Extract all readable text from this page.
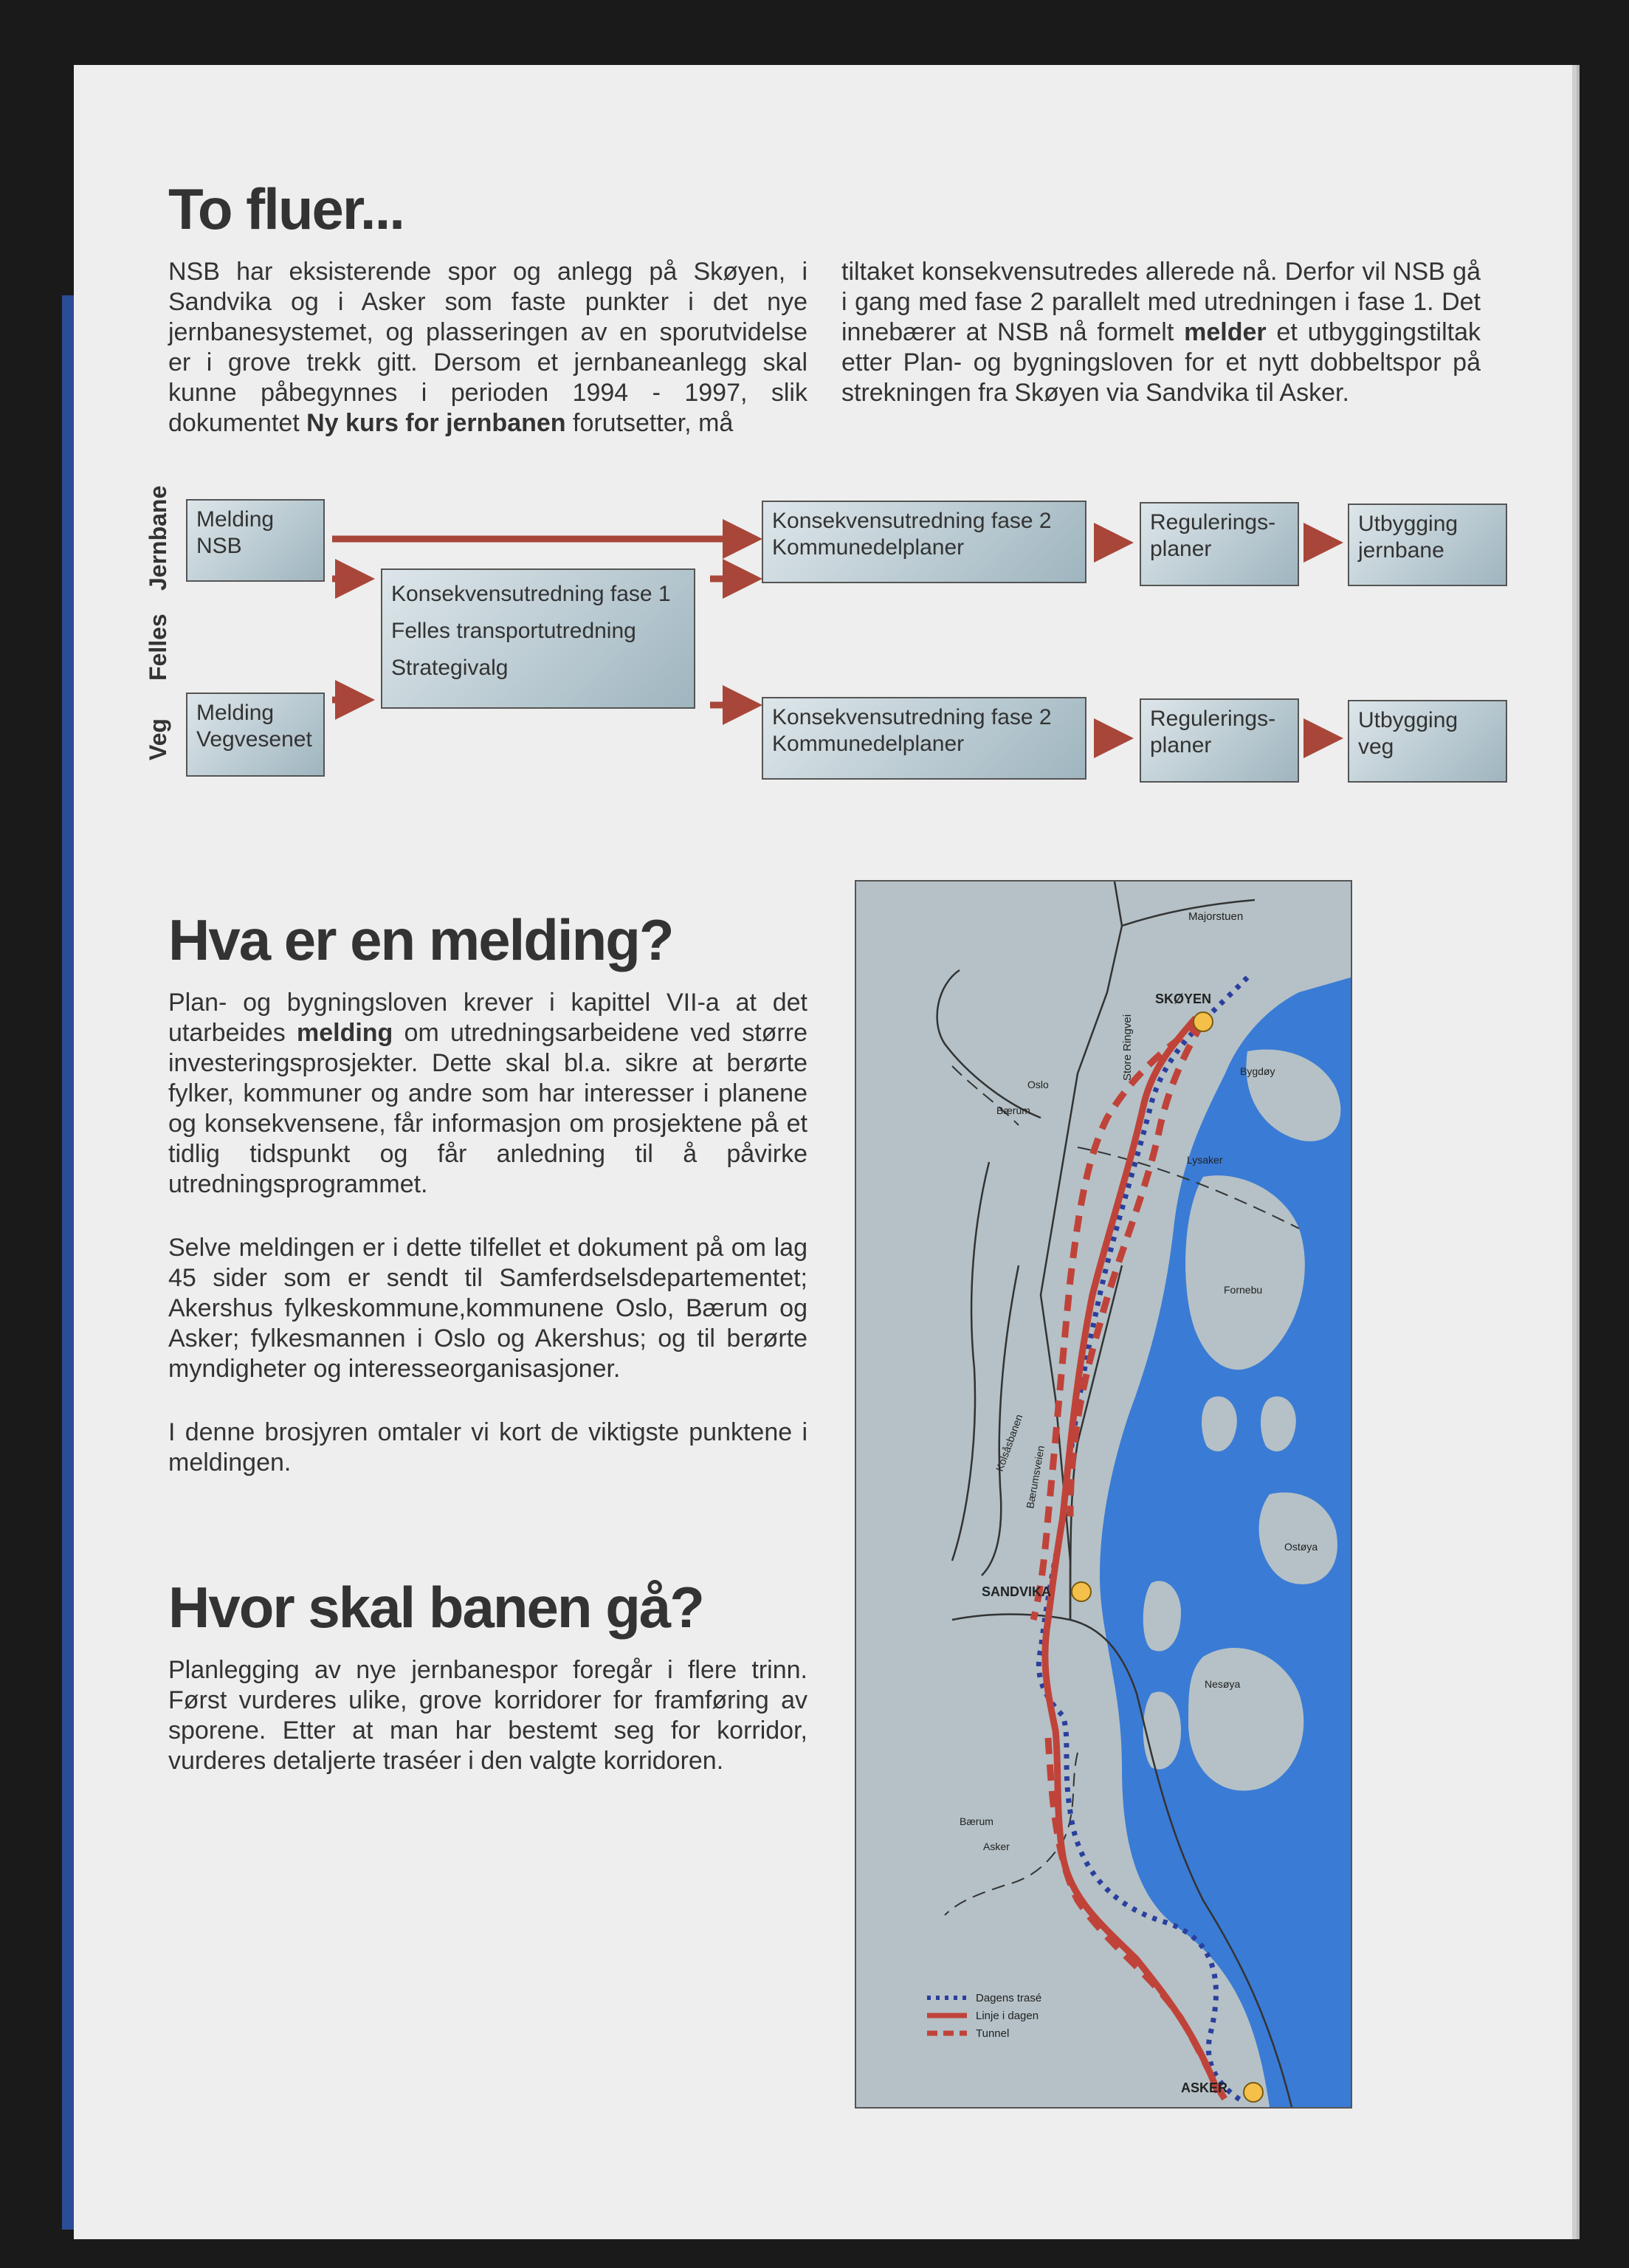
To fluer...

NSB har eksisterende spor og anlegg på Skøyen, i Sandvika og i Asker som faste punkter i det nye jernbanesystemet, og plasseringen av en sporutvidelse er i grove trekk gitt. Dersom et jernbaneanlegg skal kunne påbegynnes i perioden 1994 - 1997, slik dokumentet Ny kurs for jernbanen forutsetter, må

tiltaket konsekvensutredes allerede nå. Derfor vil NSB gå i gang med fase 2 parallelt med utredningen i fase 1. Det innebærer at NSB nå formelt melder et utbyggingstiltak etter Plan- og bygningsloven for et nytt dobbeltspor på strekningen fra Skøyen via Sandvika til Asker.

Jernbane
Felles
Veg
Melding
NSB
Melding
Vegvesenet
Konsekvensutredning fase 1
Felles transportutredning
Strategivalg
Konsekvensutredning fase 2
Kommunedelplaner
Konsekvensutredning fase 2
Kommunedelplaner
Regulerings-
planer
Regulerings-
planer
Utbygging
jernbane
Utbygging
veg
Hva er en melding?

Plan- og bygningsloven krever i kapittel VII-a at det utarbeides melding om utredningsarbeidene ved større investeringsprosjekter. Dette skal bl.a. sikre at berørte fylker, kommuner og andre som har interesser i planene og konsekvensene, får informasjon om prosjektene på et tidlig tidspunkt og får anledning til å påvirke utredningsprogrammet.

Selve meldingen er i dette tilfellet et dokument på om lag 45 sider som er sendt til Samferdselsdepartementet; Akershus fylkeskommune,kommunene Oslo, Bærum og Asker; fylkesmannen i Oslo og Akershus; og til berørte myndigheter og interesseorganisasjoner.

I denne brosjyren omtaler vi kort de viktigste punktene i meldingen.

Hvor skal banen gå?

Planlegging av nye jernbanespor foregår i flere trinn. Først vurderes ulike, grove korridorer for framføring av sporene. Etter at man har bestemt seg for korridor, vurderes detaljerte traséer i den valgte korridoren.

Majorstuen
SKØYEN
Store Ringvei
Oslo
Bærum
Bygdøy
Lysaker
Fornebu
Kolsåsbanen
Bærumsveien
Ostøya
SANDVIKA
Nesøya
Bærum
Asker
ASKER
Dagens trasé
Linje i dagen
Tunnel
